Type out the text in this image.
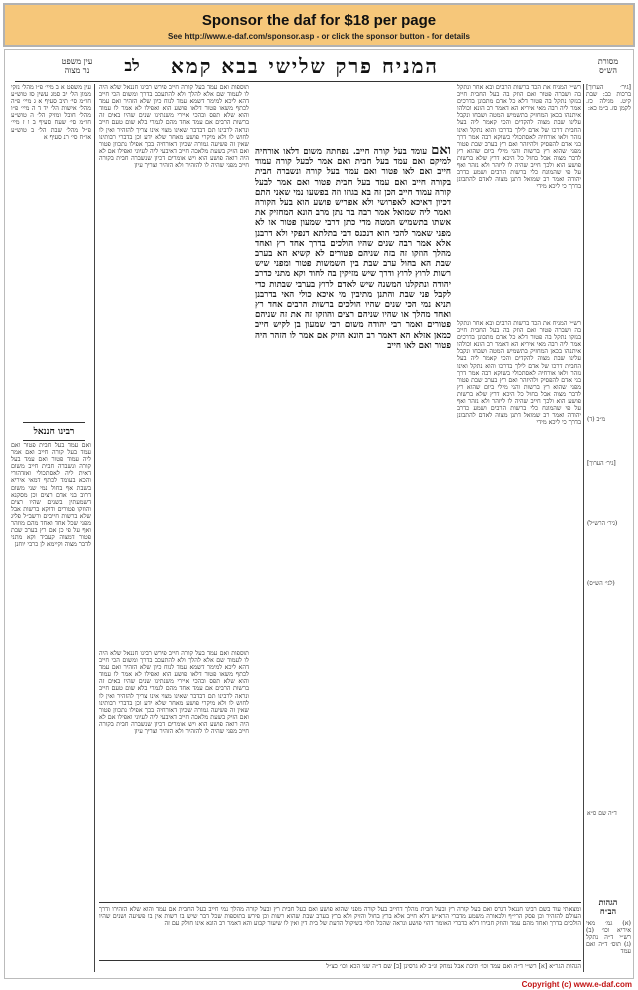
Sponsor the daf for $18 per page
See http://www.e-daf.com/sponsor.asp - or click the sponsor button - for details
עין משפט
נר מצוה	לב	המניח פרק שלישי בבא קמא	מסורת
הש״ס

עין משפט א ב מיי׳ פ״ו מהל׳ נזקי ממון הל׳ יב סמג עשין סז טוש״ע חו״מ סי׳ תיב סעיף א ג מיי׳ פ״ה מהל׳ אישות הל׳ יד ד ה מיי׳ פ״ו מהל׳ חובל ומזיק הל׳ ה טוש״ע חו״מ סי׳ שעח סעיף ב ו ז מיי׳ פ״ל מהל׳ שבת הל׳ ב טוש״ע או״ח סי׳ רנ סעיף א

רבינו חננאל

ואם עמד בעל חבית פטור ואם עמד בעל קורה חייב ואם אמר ליה עמוד פטור ואם עמד בעל קורה ונשברה חבית חייב משום דאית ליה לאסתכולי ואזדהורי והכא בעומד לכתף דמאי איריא בשבת אף בחול נמי שני משום דרוב בני אדם רצים וכן מסקנא דשמעתין בשנים שהיו רצים והוזקו פטורים ודוקא ברשות אבל שלא ברשות חייבים ורשב״ל פליג מפני שכל אחד ואחד מהם מוזהר ואף על פי כן אם רץ בערב שבת פטור דמצוה קעביד וקא מתני לדבר מצוה וקיימא לן כרבי יוחנן

תוספות ואם עמד בעל קורה חייב פירש רבינו חננאל שלא היה לו לעמוד שם אלא להלך ולא להתעכב בדרך ומשום הכי חייב דהא ליכא למימר דשמא עמד לנוח כיון שלא הזהיר ואם עמד לכתף משאו פטור דלאו פושע הוא ואפילו לא אמר לו עמוד והוא שלא תפס ובהכי איירי משנתינו שנים שהיו באים זה ברשות הרבים אם עמד אחד מהם לגמרי בלא שום טעם חייב ונראה לרבינו תם דבדבר שאינו מצוי אינו צריך להזהיר ואין לו לחוש לו ולא מיקרי פושע מאחר שלא ידע וכן בדברי רבותינו שאין זה פשיעה גמורה שכיון דאורחיה בכך אפילו נתכוון פטור ואם הזיק בשעת מלאכה חייב דאיבעי ליה לעיוני ואפילו אם לא היה רואה פושע הוא ויש אומרים דכיון שנשברה חבית בקורה חייב מפני שהיה לו להזהיר ולא הזהיר וצריך עיון

ואם עומד בעל קורה חייב. נפחתה משום דלאו אורחיה למיקם ואם עמד בעל חבית ואם אמר לבעל קורה עמוד חייב ואם לאו פטור ואם עמד בעל קורה ונשברה חבית בקורה חייב ואם עמד בעל חבית פטור ואם אמר לבעל קורה עמוד חייב הכן זה בא בגוזו וזה בפשעו נמי שאני התם דכיון דאיכא לאפרושי ולא אפריש פושע הוא בעל הקורה ואמר ליה שמואל אמר רבה בר נתן מרב הונא המחזיק את אשתו בתשמיש המטה מדי כתן דרבי שמעון פטור או לא מפני שאמר להכי הוא דנכנס דבי בתלתא דנפקי ולא דרבנן אלא אמר רבה שנים שהיו הולכים בדרך אחד רץ ואחד מהלך הוזקו זה בזה שניהם פטורים לא קשיא הא בערב שבת הא בחול ערב שבת בין השמשות פטור ומפני שיש רשות לרוץ לרוץ ודרך שיש מזיקין בה לחוד וקא מתני כדרב יהודה ונתקלנו המשנה שיש לאדם לרוץ בערבי שבתות כדי לקבל פני שבת והתנן מתיבין מי איכא כולי האי בדרבנן תניא נמי הכי שנים שהיו הולכים ברשות הרבים אחד רץ ואחד מהלך או שהיו שניהם רצים והוזקו זה את זה שניהם פטורים ואמר רבי יהודה משום רבי שמעון בן לקיש חייב כמאן אזלא הא דאמר רב הונא הזיק אם אמר לו הזהר היה פטור ואם לאו חייב

רש״י המניח את הכד ברשות הרבים ובא אחר ונתקל בה ושברה פטור ואם הוזק בה בעל החבית חייב בנזקו נתקל בה פטור דלא כל אדם מתבונן בדרכים אמר ליה רבה מאי איריא הא דאמר רב הונא וכולהו איתנהו בכאן המחזיק בתשמיש המטה ושבחו ונקבל עלינו שבת מצוה להקדים והכי קאמר ליה בעל החבית דרכו של אדם לילך בדרכו והוא נתקל ואינו נזהר ולאו אורחיה לאסתכולי בשוקא רבה אמר דרך בני אדם להפסיק ולהיזהר ואם רץ בערב שבת פטור מפני שהוא רץ ברשות והני מילי ביום שהוא רץ לדבר מצוה אבל בחול כל היכא דרץ שלא ברשות פושע הוא ולכך חייב שהיה לו ליזהר ולא נזהר ואף על פי שהמונח כלי ברשות הרבים ושמע כדרב יהודה ואמר רב שמואל דתנן מצוה לאדם להתבונן בדרך כי ליכא מידי

תוספות ואם עמד בעל קורה חייב פירש רבינו חננאל שלא היה לו לעמוד שם אלא להלך ולא להתעכב בדרך ומשום הכי חייב דהא ליכא למימר דשמא עמד לנוח כיון שלא הזהיר ואם עמד לכתף משאו פטור דלאו פושע הוא ואפילו לא אמר לו עמוד והוא שלא תפס ובהכי איירי משנתינו שנים שהיו באים זה ברשות הרבים אם עמד אחד מהם לגמרי בלא שום טעם חייב ונראה לרבינו תם דבדבר שאינו מצוי אינו צריך להזהיר ואין לו לחוש לו ולא מיקרי פושע מאחר שלא ידע וכן בדברי רבותינו שאין זה פשיעה גמורה שכיון דאורחיה בכך אפילו נתכוון פטור ואם הזיק בשעת מלאכה חייב דאיבעי ליה לעיוני ואפילו אם לא היה רואה פושע הוא ויש אומרים דכיון שנשברה חבית בקורה חייב מפני שהיה לו להזהיר ולא הזהיר וצריך עיון

רש״י המניח את הכד ברשות הרבים ובא אחר ונתקל בה ושברה פטור ואם הוזק בה בעל החבית חייב בנזקו נתקל בה פטור דלא כל אדם מתבונן בדרכים אמר ליה רבה מאי איריא הא דאמר רב הונא וכולהו איתנהו בכאן המחזיק בתשמיש המטה ושבחו ונקבל עלינו שבת מצוה להקדים והכי קאמר ליה בעל החבית דרכו של אדם לילך בדרכו והוא נתקל ואינו נזהר ולאו אורחיה לאסתכולי בשוקא רבה אמר דרך בני אדם להפסיק ולהיזהר ואם רץ בערב שבת פטור מפני שהוא רץ ברשות והני מילי ביום שהוא רץ לדבר מצוה אבל בחול כל היכא דרץ שלא ברשות פושע הוא ולכך חייב שהיה לו ליזהר ולא נזהר ואף על פי שהמונח כלי ברשות הרבים ושמע כדרב יהודה ואמר רב שמואל דתנן מצוה לאדם להתבונן בדרך כי ליכא מידי

[גיר׳ הערוך] ברכות כב: שבת קיט. מגילה כז. לקמן סז. ב״מ כא:

מ״ב (ד)
[גיר׳ הערוך]
(גיר׳ הרש״ל)
(לגי׳ הש״ס)
ד״ה שם ס״א

ומצאתי עוד בשם רבינו חננאל דגרס ואם בעל קורה רץ ובעל חבית מהלך דחייב בעל קורה מפני שהוא פושע ואם בעל חבית רץ ובעל קורה מהלך נמי חייב בעל החבית אם עמד והוא שלא הזהירו ודרך העולם להזהיר וכן פסק הרי״ף ולכאורה משמע מדברי הרא״ש דלא חייב אלא ברץ בחול והזיק ולא ברץ בערב שבת שהוא רשות וכן פירש בתוספות שכל דבר שיש בו רשות אין בו פשיעה ושנים שהיו הולכים בדרך ואחד מהם עמד והוזק חבירו דלא כדברי האומר דהוי פושע ונראה שהכל תלוי בשיקול הדעת של בית דין ואין לו שיעור קבוע והא דאמר רב הונא אינו חולק עם זה

הגהות
הב״ח

(א) גמ׳ מאי איריא וכו׳ (ב) רש״י ד״ה נתקל (ג) תוס׳ ד״ה ואם עמד

הגהות הגר״א [א] רש״י ד״ה ואם עמד וכו׳ תיבת אבל נמחק ונ״ב לא גרסינן [ב] שם ד״ה שני הכא וכו׳ כצ״ל

Copyright (c) www.e-daf.com
